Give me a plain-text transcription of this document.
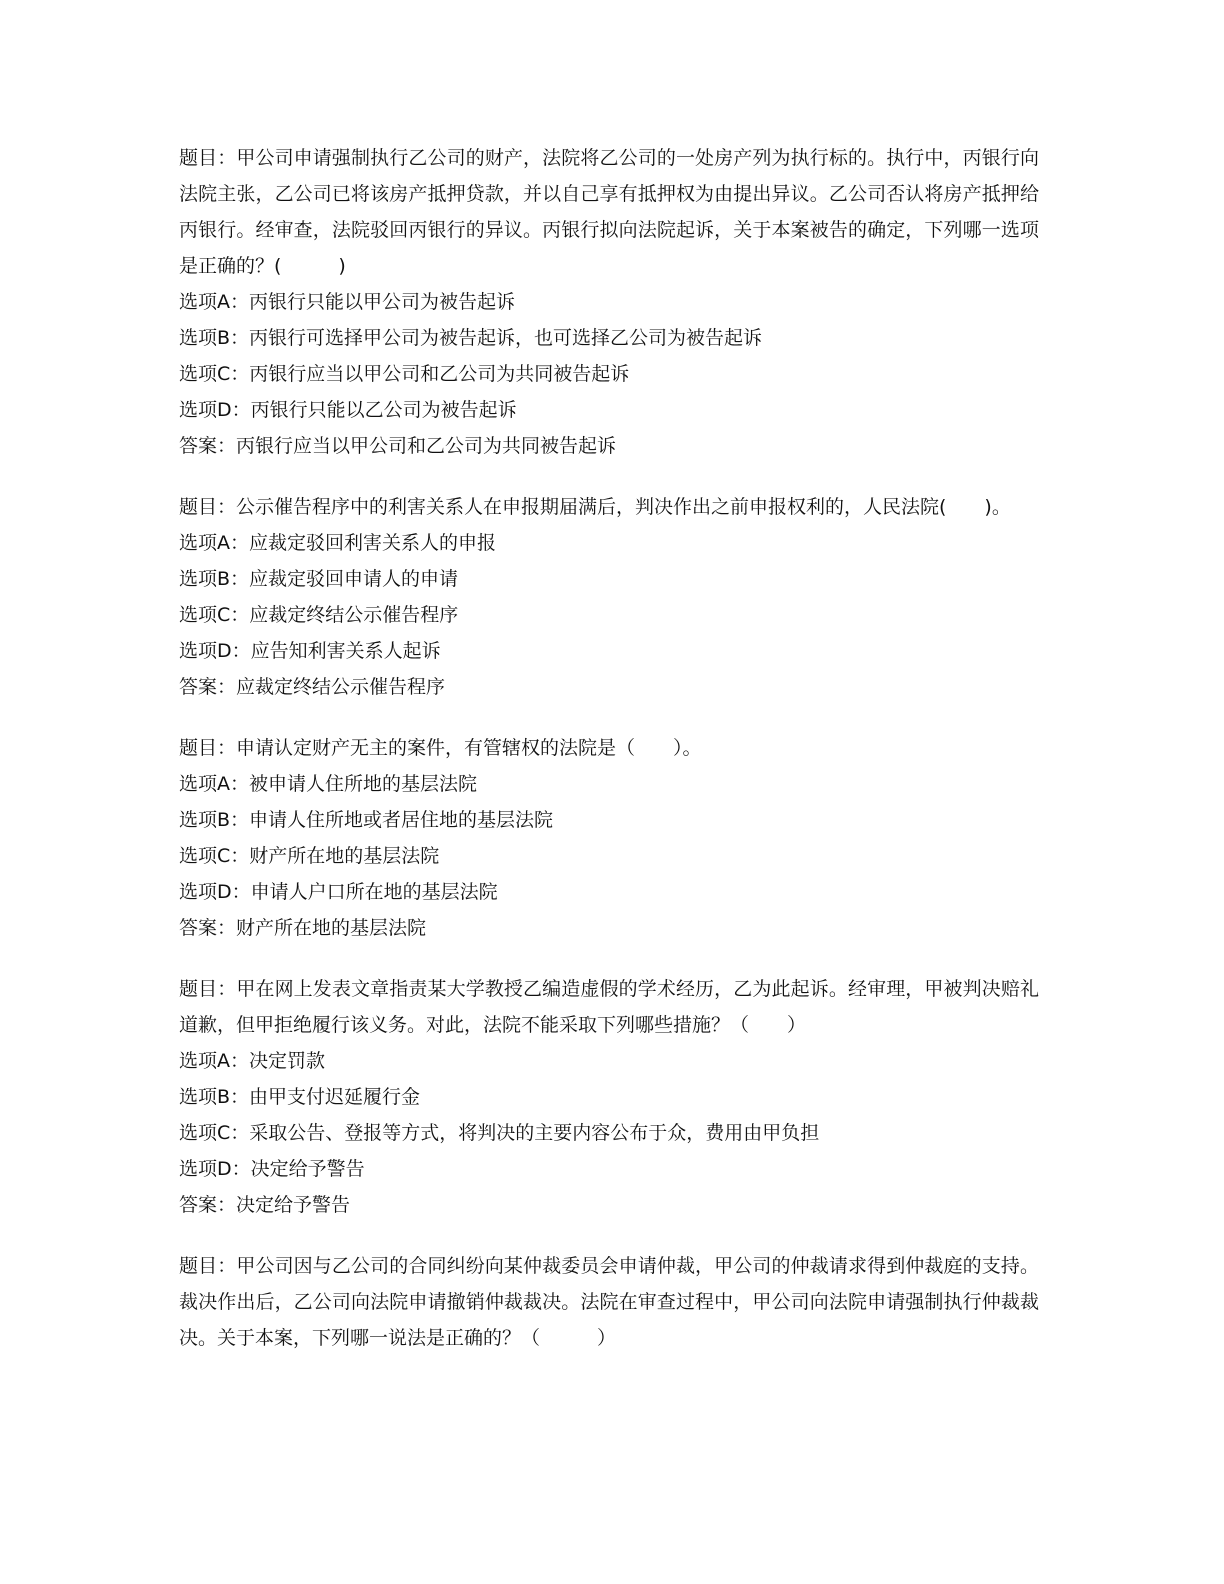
题目：甲公司申请强制执行乙公司的财产，法院将乙公司的一处房产列为执行标的。执行中，丙银行向法院主张，乙公司已将该房产抵押贷款，并以自己享有抵押权为由提出异议。乙公司否认将房产抵押给丙银行。经审查，法院驳回丙银行的异议。丙银行拟向法院起诉，关于本案被告的确定，下列哪一选项是正确的？(　　　)
选项A：丙银行只能以甲公司为被告起诉
选项B：丙银行可选择甲公司为被告起诉，也可选择乙公司为被告起诉
选项C：丙银行应当以甲公司和乙公司为共同被告起诉
选项D：丙银行只能以乙公司为被告起诉
答案：丙银行应当以甲公司和乙公司为共同被告起诉
题目：公示催告程序中的利害关系人在申报期届满后，判决作出之前申报权利的，人民法院(　　)。
选项A：应裁定驳回利害关系人的申报
选项B：应裁定驳回申请人的申请
选项C：应裁定终结公示催告程序
选项D：应告知利害关系人起诉
答案：应裁定终结公示催告程序
题目：申请认定财产无主的案件，有管辖权的法院是（　　）。
选项A：被申请人住所地的基层法院
选项B：申请人住所地或者居住地的基层法院
选项C：财产所在地的基层法院
选项D：申请人户口所在地的基层法院
答案：财产所在地的基层法院
题目：甲在网上发表文章指责某大学教授乙编造虚假的学术经历，乙为此起诉。经审理，甲被判决赔礼道歉，但甲拒绝履行该义务。对此，法院不能采取下列哪些措施？（　　）
选项A：决定罚款
选项B：由甲支付迟延履行金
选项C：采取公告、登报等方式，将判决的主要内容公布于众，费用由甲负担
选项D：决定给予警告
答案：决定给予警告
题目：甲公司因与乙公司的合同纠纷向某仲裁委员会申请仲裁，甲公司的仲裁请求得到仲裁庭的支持。裁决作出后，乙公司向法院申请撤销仲裁裁决。法院在审查过程中，甲公司向法院申请强制执行仲裁裁决。关于本案，下列哪一说法是正确的？（　　　）
